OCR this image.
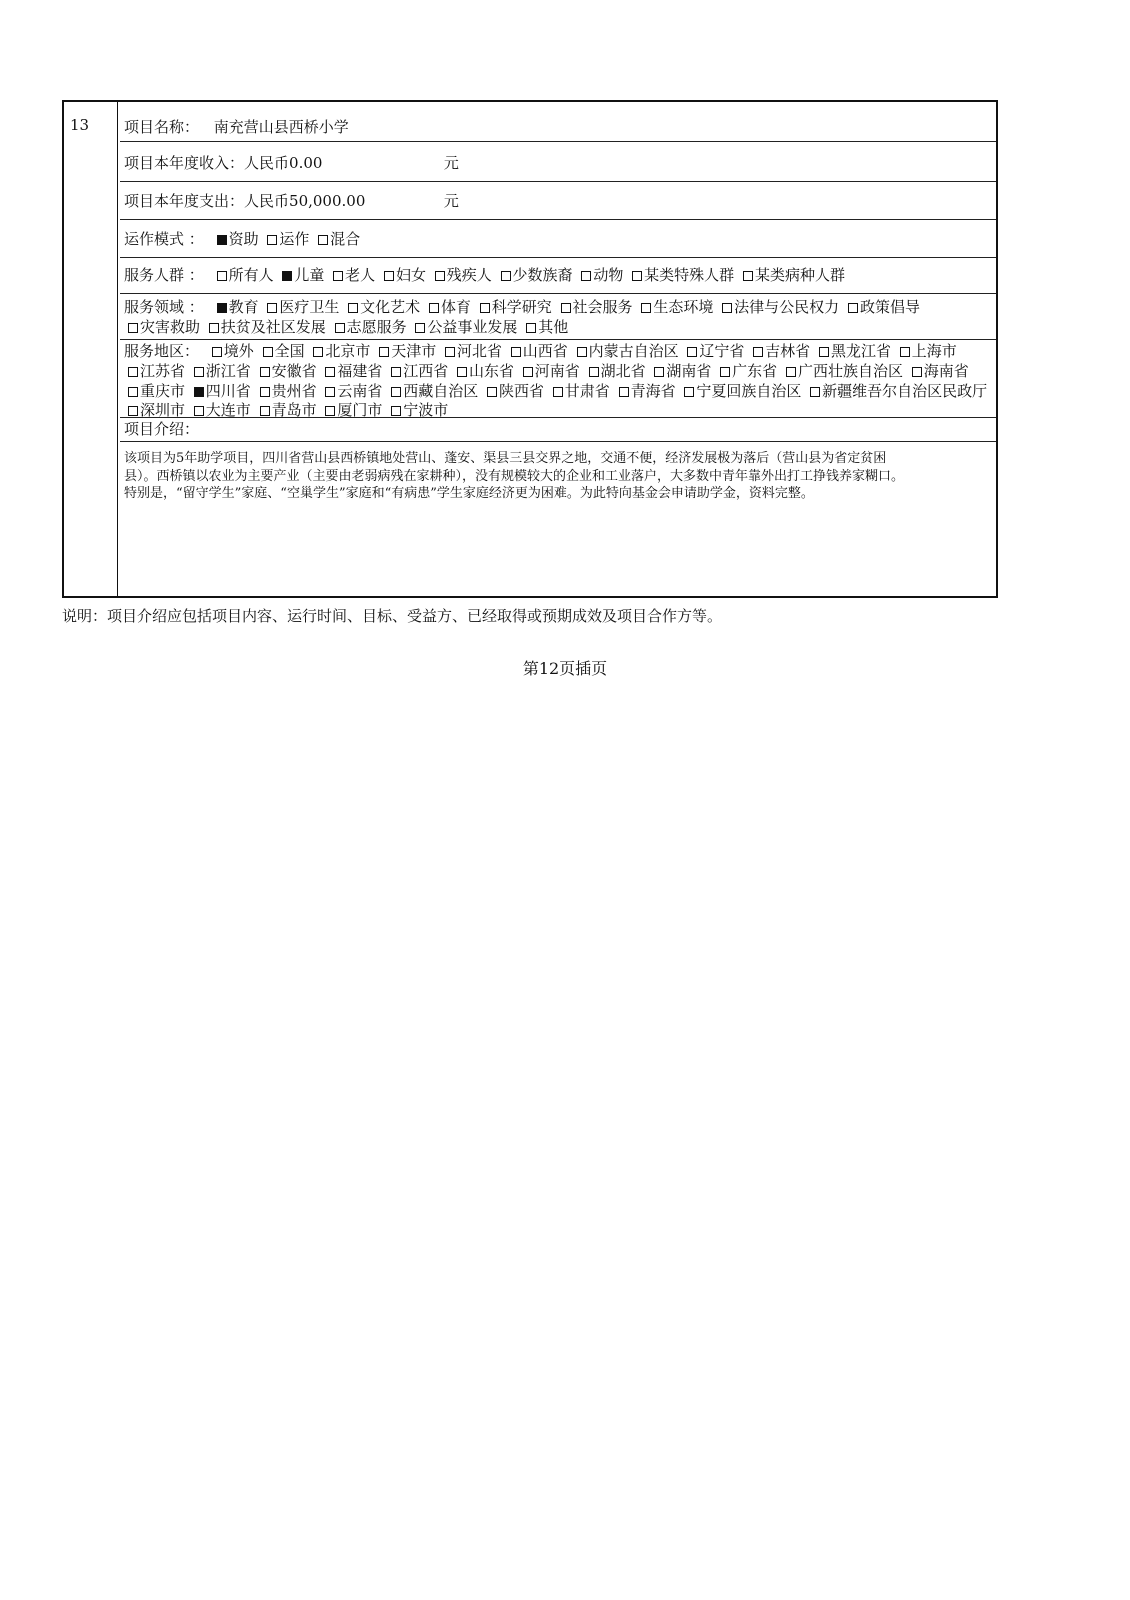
13 项目名称： 南充营山县西桥小学
项目本年度收入：人民币0.00	元
项目本年度支出：人民币50,000.00	元
运作模式 ： 资助 运作 混合
服务人群 ： 所有人 儿童 老人 妇女 残疾人 少数族裔 动物 某类特殊人群 某类病种人群
服务领域 ： 教育 医疗卫生 文化艺术 体育 科学研究 社会服务 生态环境 法律与公民权力 政策倡导 灾害救助 扶贫及社区发展 志愿服务 公益事业发展 其他
服务地区： 境外 全国 北京市 天津市 河北省 山西省 内蒙古自治区 辽宁省 吉林省 黑龙江省 上海市 江苏省 浙江省 安徽省 福建省 江西省 山东省 河南省 湖北省 湖南省 广东省 广西壮族自治区 海南省 重庆市 四川省 贵州省 云南省 西藏自治区 陕西省 甘肃省 青海省 宁夏回族自治区 新疆维吾尔自治区民政厅 深圳市 大连市 青岛市 厦门市 宁波市
项目介绍：
该项目为5年助学项目，四川省营山县西桥镇地处营山、蓬安、渠县三县交界之地，交通不便，经济发展极为落后（营山县为省定贫困县）。西桥镇以农业为主要产业（主要由老弱病残在家耕种），没有规模较大的企业和工业落户，大多数中青年靠外出打工挣钱养家糊口。特别是，“留守学生”家庭、“空巢学生”家庭和“有病患”学生家庭经济更为困难。为此特向基金会申请助学金，资料完整。
说明：项目介绍应包括项目内容、运行时间、目标、受益方、已经取得或预期成效及项目合作方等。
第12页插页
